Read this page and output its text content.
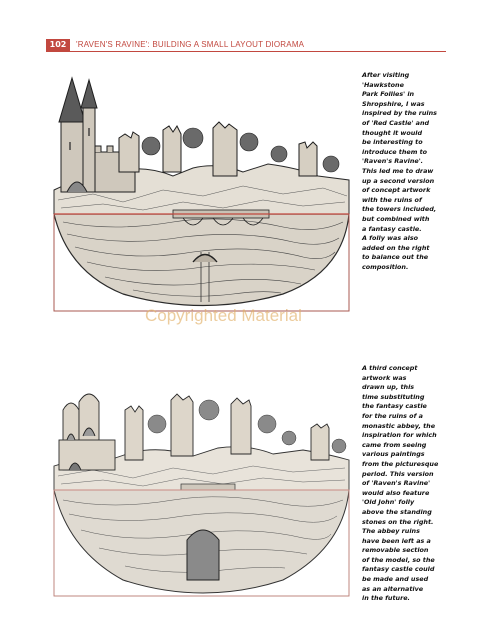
102	'RAVEN'S RAVINE': BUILDING A SMALL LAYOUT DIORAMA
After visiting
'Hawkstone
Park Follies' in
Shropshire, I was
inspired by the ruins
of 'Red Castle' and
thought it would
be interesting to
introduce them to
'Raven's Ravine'.
This led me to draw
up a second version
of concept artwork
with the ruins of
the towers included,
but combined with
a fantasy castle.
A folly was also
added on the right
to balance out the
composition.
Copyrighted Material
A third concept
artwork was
drawn up, this
time substituting
the fantasy castle
for the ruins of a
monastic abbey, the
inspiration for which
came from seeing
various paintings
from the picturesque
period. This version
of 'Raven's Ravine'
would also feature
'Old John' folly
above the standing
stones on the right.
The abbey ruins
have been left as a
removable section
of the model, so the
fantasy castle could
be made and used
as an alternative
in the future.
